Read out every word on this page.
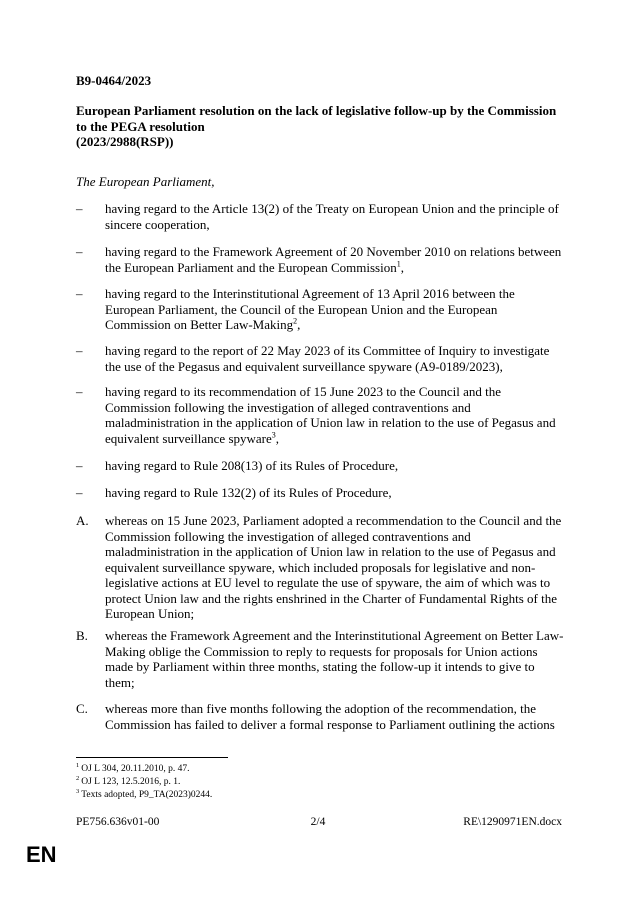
B9-0464/2023

European Parliament resolution on the lack of legislative follow-up by the Commission
to the PEGA resolution
(2023/2988(RSP))

The European Parliament,

– having regard to the Article 13(2) of the Treaty on European Union and the principle of sincere cooperation,
– having regard to the Framework Agreement of 20 November 2010 on relations between the European Parliament and the European Commission$^1$,
– having regard to the Interinstitutional Agreement of 13 April 2016 between the European Parliament, the Council of the European Union and the European Commission on Better Law-Making$^2$,
– having regard to the report of 22 May 2023 of its Committee of Inquiry to investigate the use of the Pegasus and equivalent surveillance spyware (A9-0189/2023),
– having regard to its recommendation of 15 June 2023 to the Council and the Commission following the investigation of alleged contraventions and maladministration in the application of Union law in relation to the use of Pegasus and equivalent surveillance spyware$^3$,
– having regard to Rule 208(13) of its Rules of Procedure,
– having regard to Rule 132(2) of its Rules of Procedure,
A. whereas on 15 June 2023, Parliament adopted a recommendation to the Council and the Commission following the investigation of alleged contraventions and maladministration in the application of Union law in relation to the use of Pegasus and equivalent surveillance spyware, which included proposals for legislative and non-legislative actions at EU level to regulate the use of spyware, the aim of which was to protect Union law and the rights enshrined in the Charter of Fundamental Rights of the European Union;
B. whereas the Framework Agreement and the Interinstitutional Agreement on Better Law-Making oblige the Commission to reply to requests for proposals for Union actions made by Parliament within three months, stating the follow-up it intends to give to them;
C. whereas more than five months following the adoption of the recommendation, the Commission has failed to deliver a formal response to Parliament outlining the actions
$^1$ OJ L 304, 20.11.2010, p. 47.
$^2$ OJ L 123, 12.5.2016, p. 1.
$^3$ Texts adopted, P9_TA(2023)0244.

PE756.636v01-00	2/4	RE\1290971EN.docx

EN
